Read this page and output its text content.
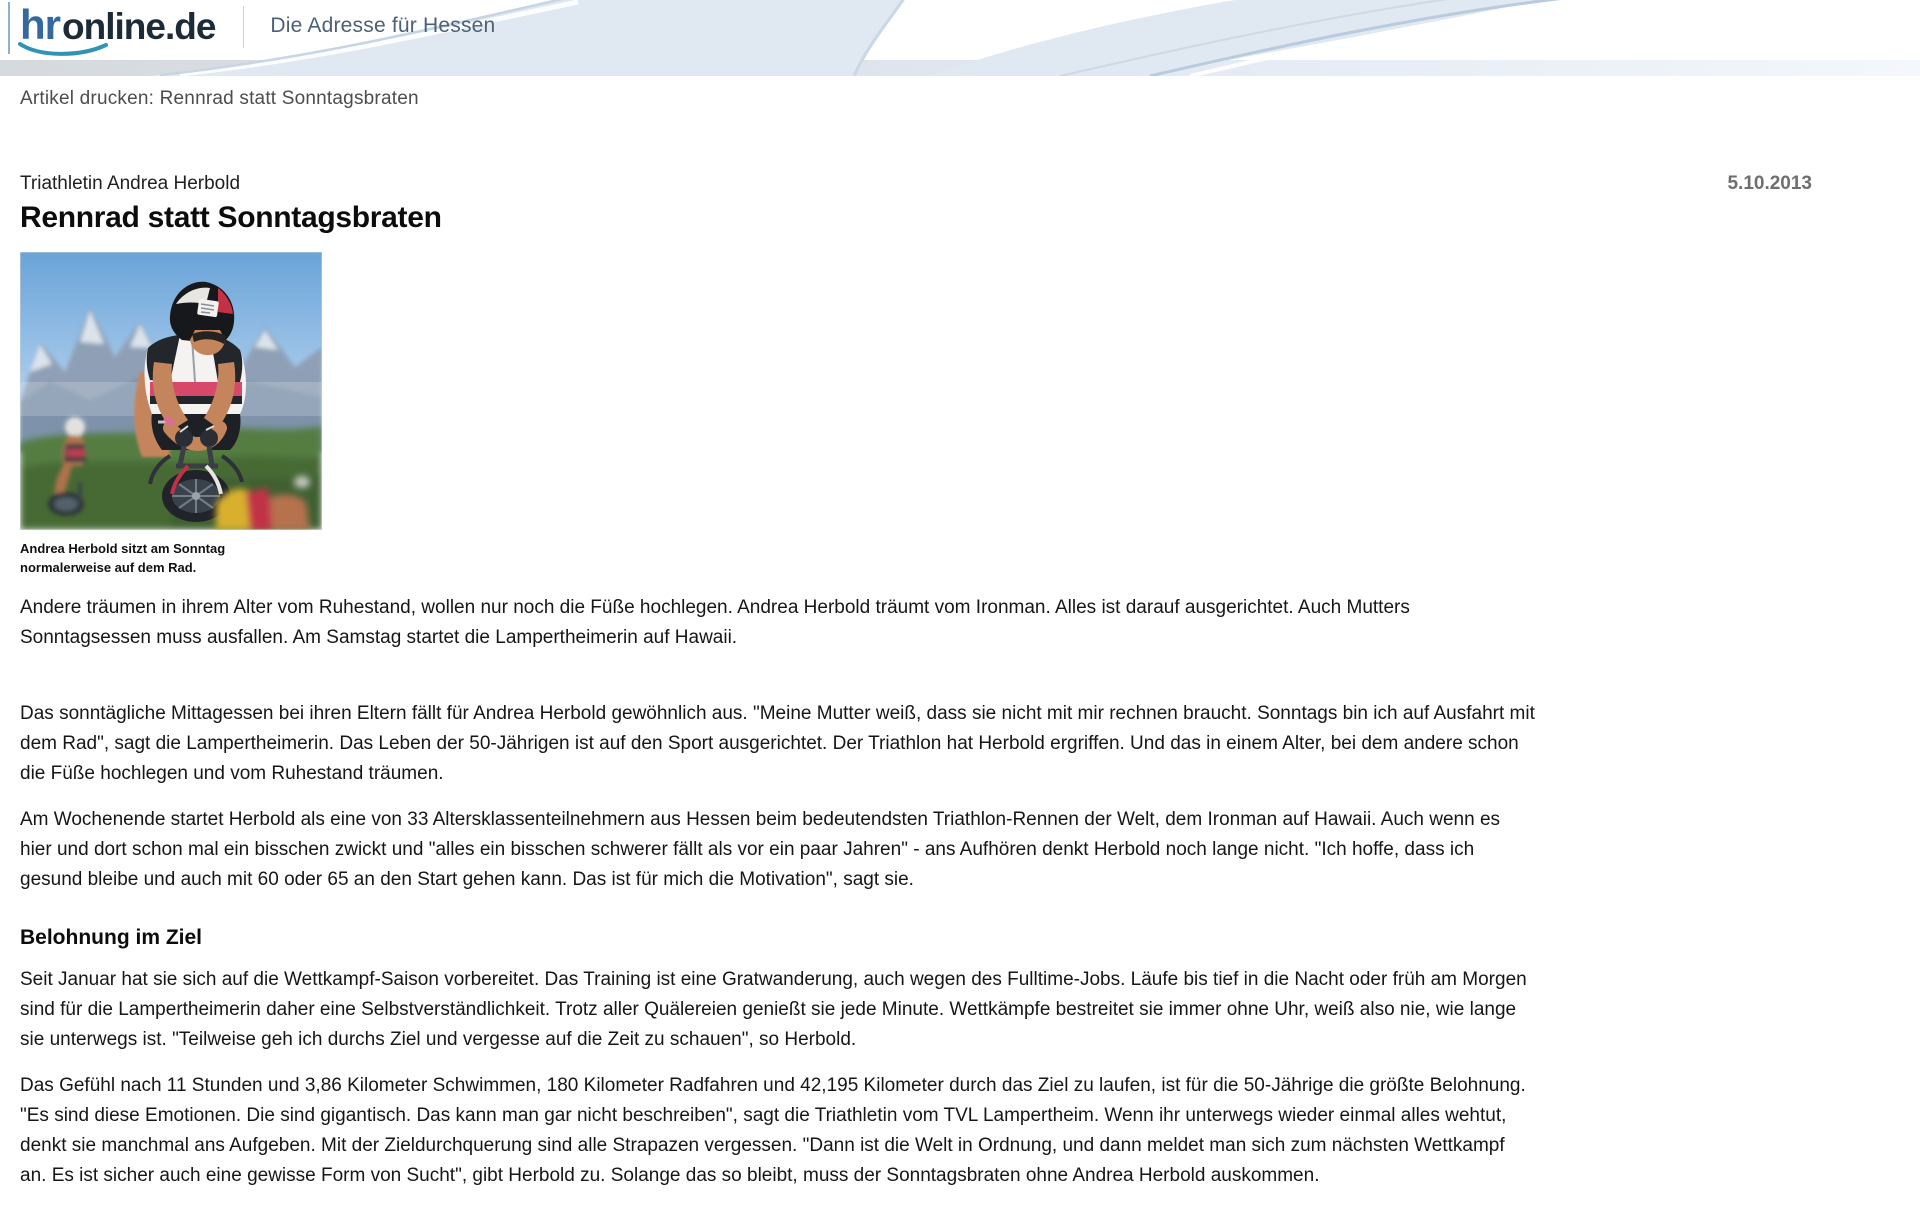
hr online.de	Die Adresse für Hessen
Artikel drucken: Rennrad statt Sonntagsbraten
Triathletin Andrea Herbold	5.10.2013
Rennrad statt Sonntagsbraten
Andrea Herbold sitzt am Sonntag
normalerweise auf dem Rad.

Andere träumen in ihrem Alter vom Ruhestand, wollen nur noch die Füße hochlegen. Andrea Herbold träumt vom Ironman. Alles ist darauf ausgerichtet. Auch Mutters Sonntagsessen muss ausfallen. Am Samstag startet die Lampertheimerin auf Hawaii.

Das sonntägliche Mittagessen bei ihren Eltern fällt für Andrea Herbold gewöhnlich aus. "Meine Mutter weiß, dass sie nicht mit mir rechnen braucht. Sonntags bin ich auf Ausfahrt mit dem Rad", sagt die Lampertheimerin. Das Leben der 50-Jährigen ist auf den Sport ausgerichtet. Der Triathlon hat Herbold ergriffen. Und das in einem Alter, bei dem andere schon die Füße hochlegen und vom Ruhestand träumen.

Am Wochenende startet Herbold als eine von 33 Altersklassenteilnehmern aus Hessen beim bedeutendsten Triathlon-Rennen der Welt, dem Ironman auf Hawaii. Auch wenn es hier und dort schon mal ein bisschen zwickt und "alles ein bisschen schwerer fällt als vor ein paar Jahren" - ans Aufhören denkt Herbold noch lange nicht. "Ich hoffe, dass ich gesund bleibe und auch mit 60 oder 65 an den Start gehen kann. Das ist für mich die Motivation", sagt sie.

Belohnung im Ziel

Seit Januar hat sie sich auf die Wettkampf-Saison vorbereitet. Das Training ist eine Gratwanderung, auch wegen des Fulltime-Jobs. Läufe bis tief in die Nacht oder früh am Morgen sind für die Lampertheimerin daher eine Selbstverständlichkeit. Trotz aller Quälereien genießt sie jede Minute. Wettkämpfe bestreitet sie immer ohne Uhr, weiß also nie, wie lange sie unterwegs ist. "Teilweise geh ich durchs Ziel und vergesse auf die Zeit zu schauen", so Herbold.

Das Gefühl nach 11 Stunden und 3,86 Kilometer Schwimmen, 180 Kilometer Radfahren und 42,195 Kilometer durch das Ziel zu laufen, ist für die 50-Jährige die größte Belohnung. "Es sind diese Emotionen. Die sind gigantisch. Das kann man gar nicht beschreiben", sagt die Triathletin vom TVL Lampertheim. Wenn ihr unterwegs wieder einmal alles wehtut, denkt sie manchmal ans Aufgeben. Mit der Zieldurchquerung sind alle Strapazen vergessen. "Dann ist die Welt in Ordnung, und dann meldet man sich zum nächsten Wettkampf an. Es ist sicher auch eine gewisse Form von Sucht", gibt Herbold zu. Solange das so bleibt, muss der Sonntagsbraten ohne Andrea Herbold auskommen.
